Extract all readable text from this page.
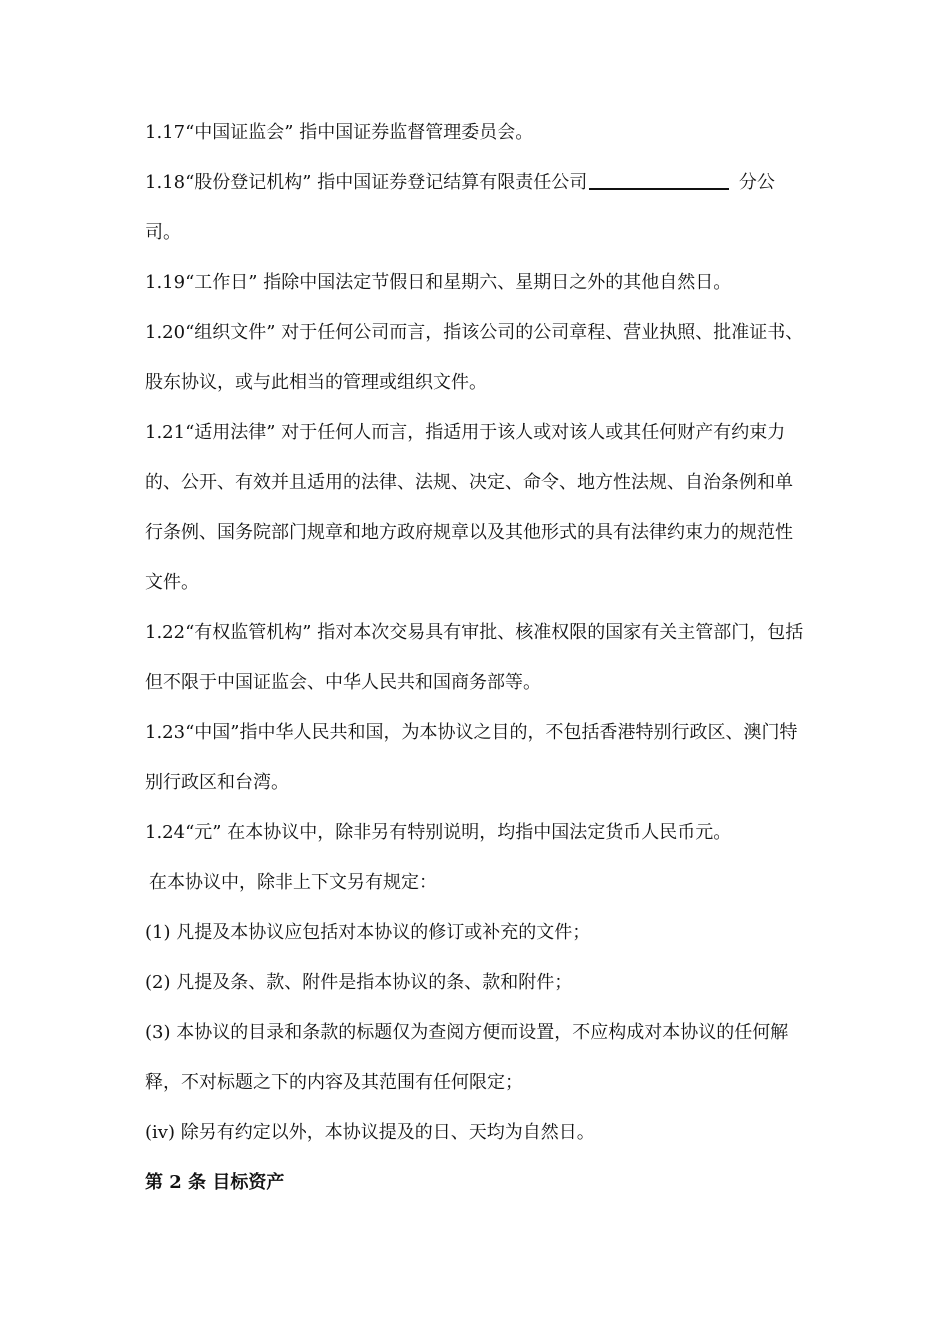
1.17“中国证监会” 指中国证券监督管理委员会。

1.18“股份登记机构” 指中国证券登记结算有限责任公司	分公司。

1.19“工作日” 指除中国法定节假日和星期六、星期日之外的其他自然日。

1.20“组织文件” 对于任何公司而言，指该公司的公司章程、营业执照、批准证书、股东协议，或与此相当的管理或组织文件。

1.21“适用法律” 对于任何人而言，指适用于该人或对该人或其任何财产有约束力的、公开、有效并且适用的法律、法规、决定、命令、地方性法规、自治条例和单行条例、国务院部门规章和地方政府规章以及其他形式的具有法律约束力的规范性文件。

1.22“有权监管机构” 指对本次交易具有审批、核准权限的国家有关主管部门，包括但不限于中国证监会、中华人民共和国商务部等。

1.23“中国”指中华人民共和国，为本协议之目的，不包括香港特别行政区、澳门特别行政区和台湾。

1.24“元” 在本协议中，除非另有特别说明，均指中国法定货币人民币元。

在本协议中，除非上下文另有规定：

(1) 凡提及本协议应包括对本协议的修订或补充的文件；

(2) 凡提及条、款、附件是指本协议的条、款和附件；

(3) 本协议的目录和条款的标题仅为查阅方便而设置，不应构成对本协议的任何解释，不对标题之下的内容及其范围有任何限定；

(iv) 除另有约定以外，本协议提及的日、天均为自然日。

第 2 条 目标资产
